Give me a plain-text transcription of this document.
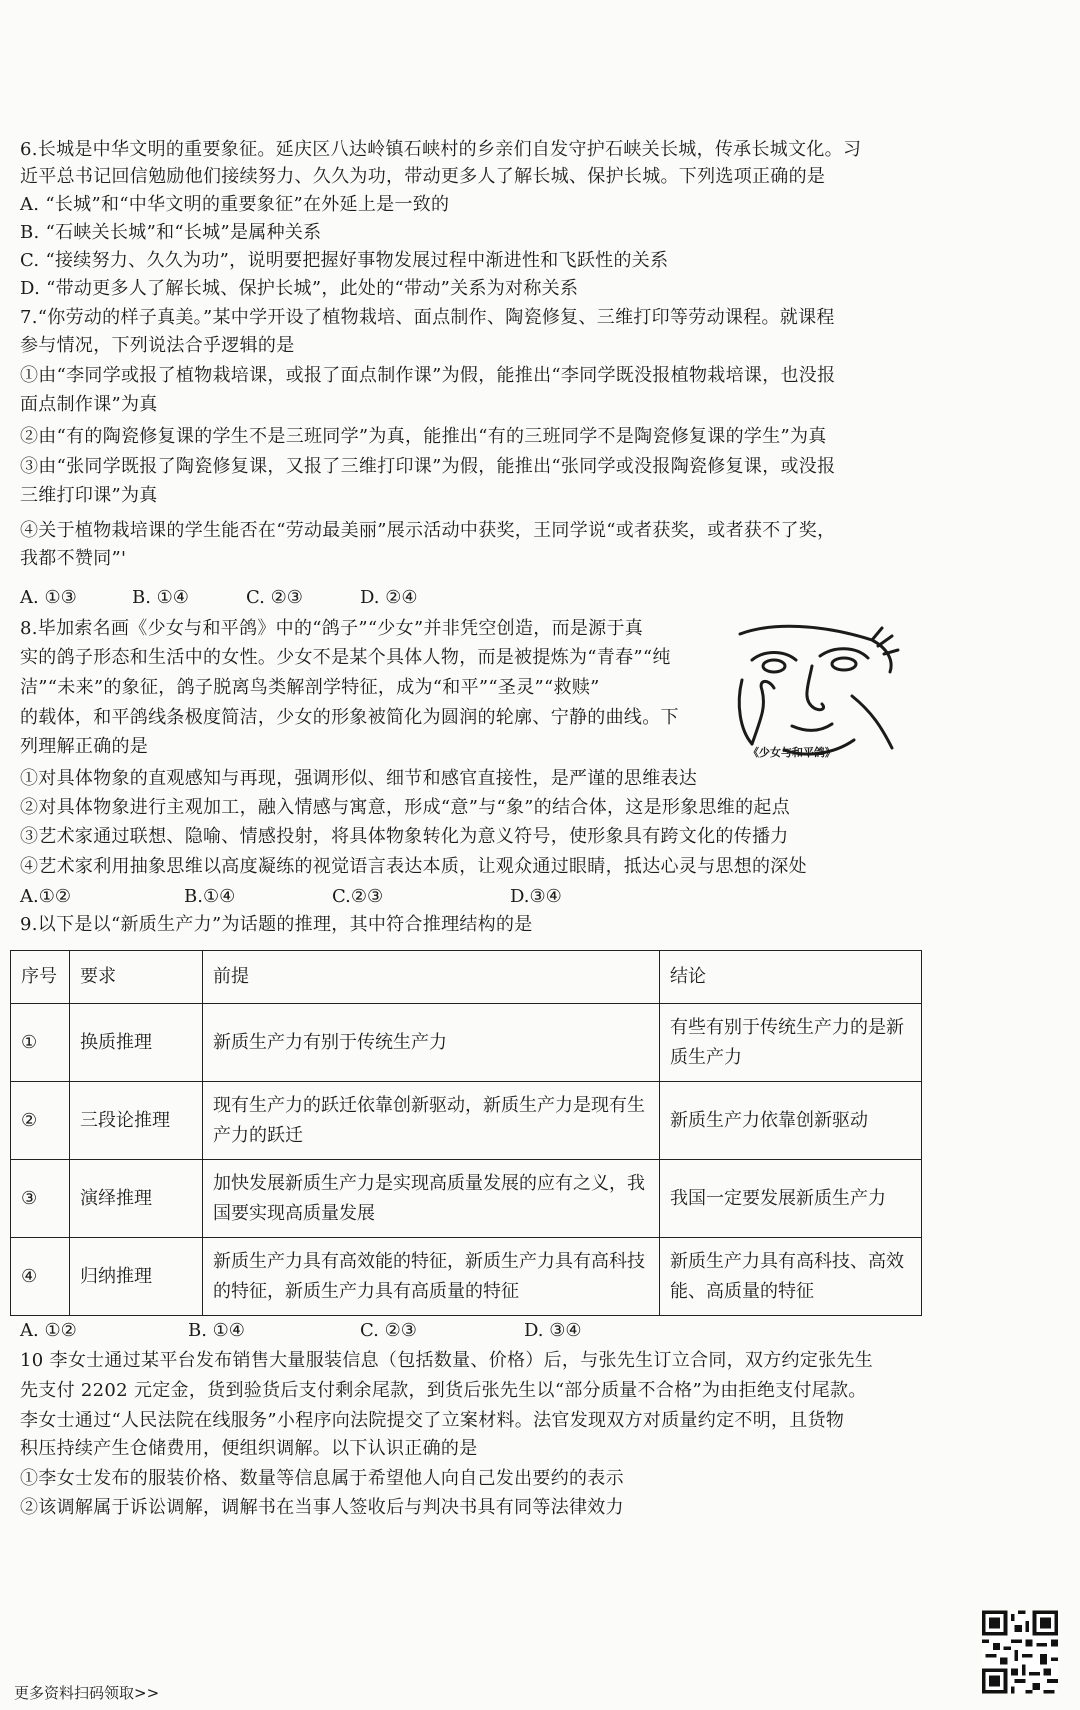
6.长城是中华文明的重要象征。延庆区八达岭镇石峡村的乡亲们自发守护石峡关长城，传承长城文化。习
近平总书记回信勉励他们接续努力、久久为功，带动更多人了解长城、保护长城。下列选项正确的是
A. “长城”和“中华文明的重要象征”在外延上是一致的
B. “石峡关长城”和“长城”是属种关系
C. “接续努力、久久为功”，说明要把握好事物发展过程中渐进性和飞跃性的关系
D. “带动更多人了解长城、保护长城”，此处的“带动”关系为对称关系
7.“你劳动的样子真美。”某中学开设了植物栽培、面点制作、陶瓷修复、三维打印等劳动课程。就课程
参与情况，下列说法合乎逻辑的是
①由“李同学或报了植物栽培课，或报了面点制作课”为假，能推出“李同学既没报植物栽培课，也没报
面点制作课”为真
②由“有的陶瓷修复课的学生不是三班同学”为真，能推出“有的三班同学不是陶瓷修复课的学生”为真
③由“张同学既报了陶瓷修复课，又报了三维打印课”为假，能推出“张同学或没报陶瓷修复课，或没报
三维打印课”为真
④关于植物栽培课的学生能否在“劳动最美丽”展示活动中获奖，王同学说“或者获奖，或者获不了奖，
我都不赞同”'
A. ①③	B. ①④	C. ②③	D. ②④
8.毕加索名画《少女与和平鸽》中的“鸽子”“少女”并非凭空创造，而是源于真
实的鸽子形态和生活中的女性。少女不是某个具体人物，而是被提炼为“青春”“纯
洁”“未来”的象征，鸽子脱离鸟类解剖学特征，成为“和平”“圣灵”“救赎”
的载体，和平鸽线条极度简洁，少女的形象被简化为圆润的轮廓、宁静的曲线。下
列理解正确的是	《少女与和平鸽》
①对具体物象的直观感知与再现，强调形似、细节和感官直接性，是严谨的思维表达
②对具体物象进行主观加工，融入情感与寓意，形成“意”与“象”的结合体，这是形象思维的起点
③艺术家通过联想、隐喻、情感投射，将具体物象转化为意义符号，使形象具有跨文化的传播力
④艺术家利用抽象思维以高度凝练的视觉语言表达本质，让观众通过眼睛，抵达心灵与思想的深处
A.①②	B.①④	C.②③	D.③④
9.以下是以“新质生产力”为话题的推理，其中符合推理结构的是
序号	要求	前提	结论
①	换质推理	新质生产力有别于传统生产力	有些有别于传统生产力的是新质生产力
②	三段论推理	现有生产力的跃迁依靠创新驱动，新质生产力是现有生产力的跃迁	新质生产力依靠创新驱动
③	演绎推理	加快发展新质生产力是实现高质量发展的应有之义，我国要实现高质量发展	我国一定要发展新质生产力
④	归纳推理	新质生产力具有高效能的特征，新质生产力具有高科技的特征，新质生产力具有高质量的特征	新质生产力具有高科技、高效能、高质量的特征
A. ①②	B. ①④	C. ②③	D. ③④
10 李女士通过某平台发布销售大量服装信息（包括数量、价格）后，与张先生订立合同，双方约定张先生
先支付 2202 元定金，货到验货后支付剩余尾款，到货后张先生以“部分质量不合格”为由拒绝支付尾款。
李女士通过“人民法院在线服务”小程序向法院提交了立案材料。法官发现双方对质量约定不明，且货物
积压持续产生仓储费用，便组织调解。以下认识正确的是
①李女士发布的服装价格、数量等信息属于希望他人向自己发出要约的表示
②该调解属于诉讼调解，调解书在当事人签收后与判决书具有同等法律效力
更多资料扫码领取>>
